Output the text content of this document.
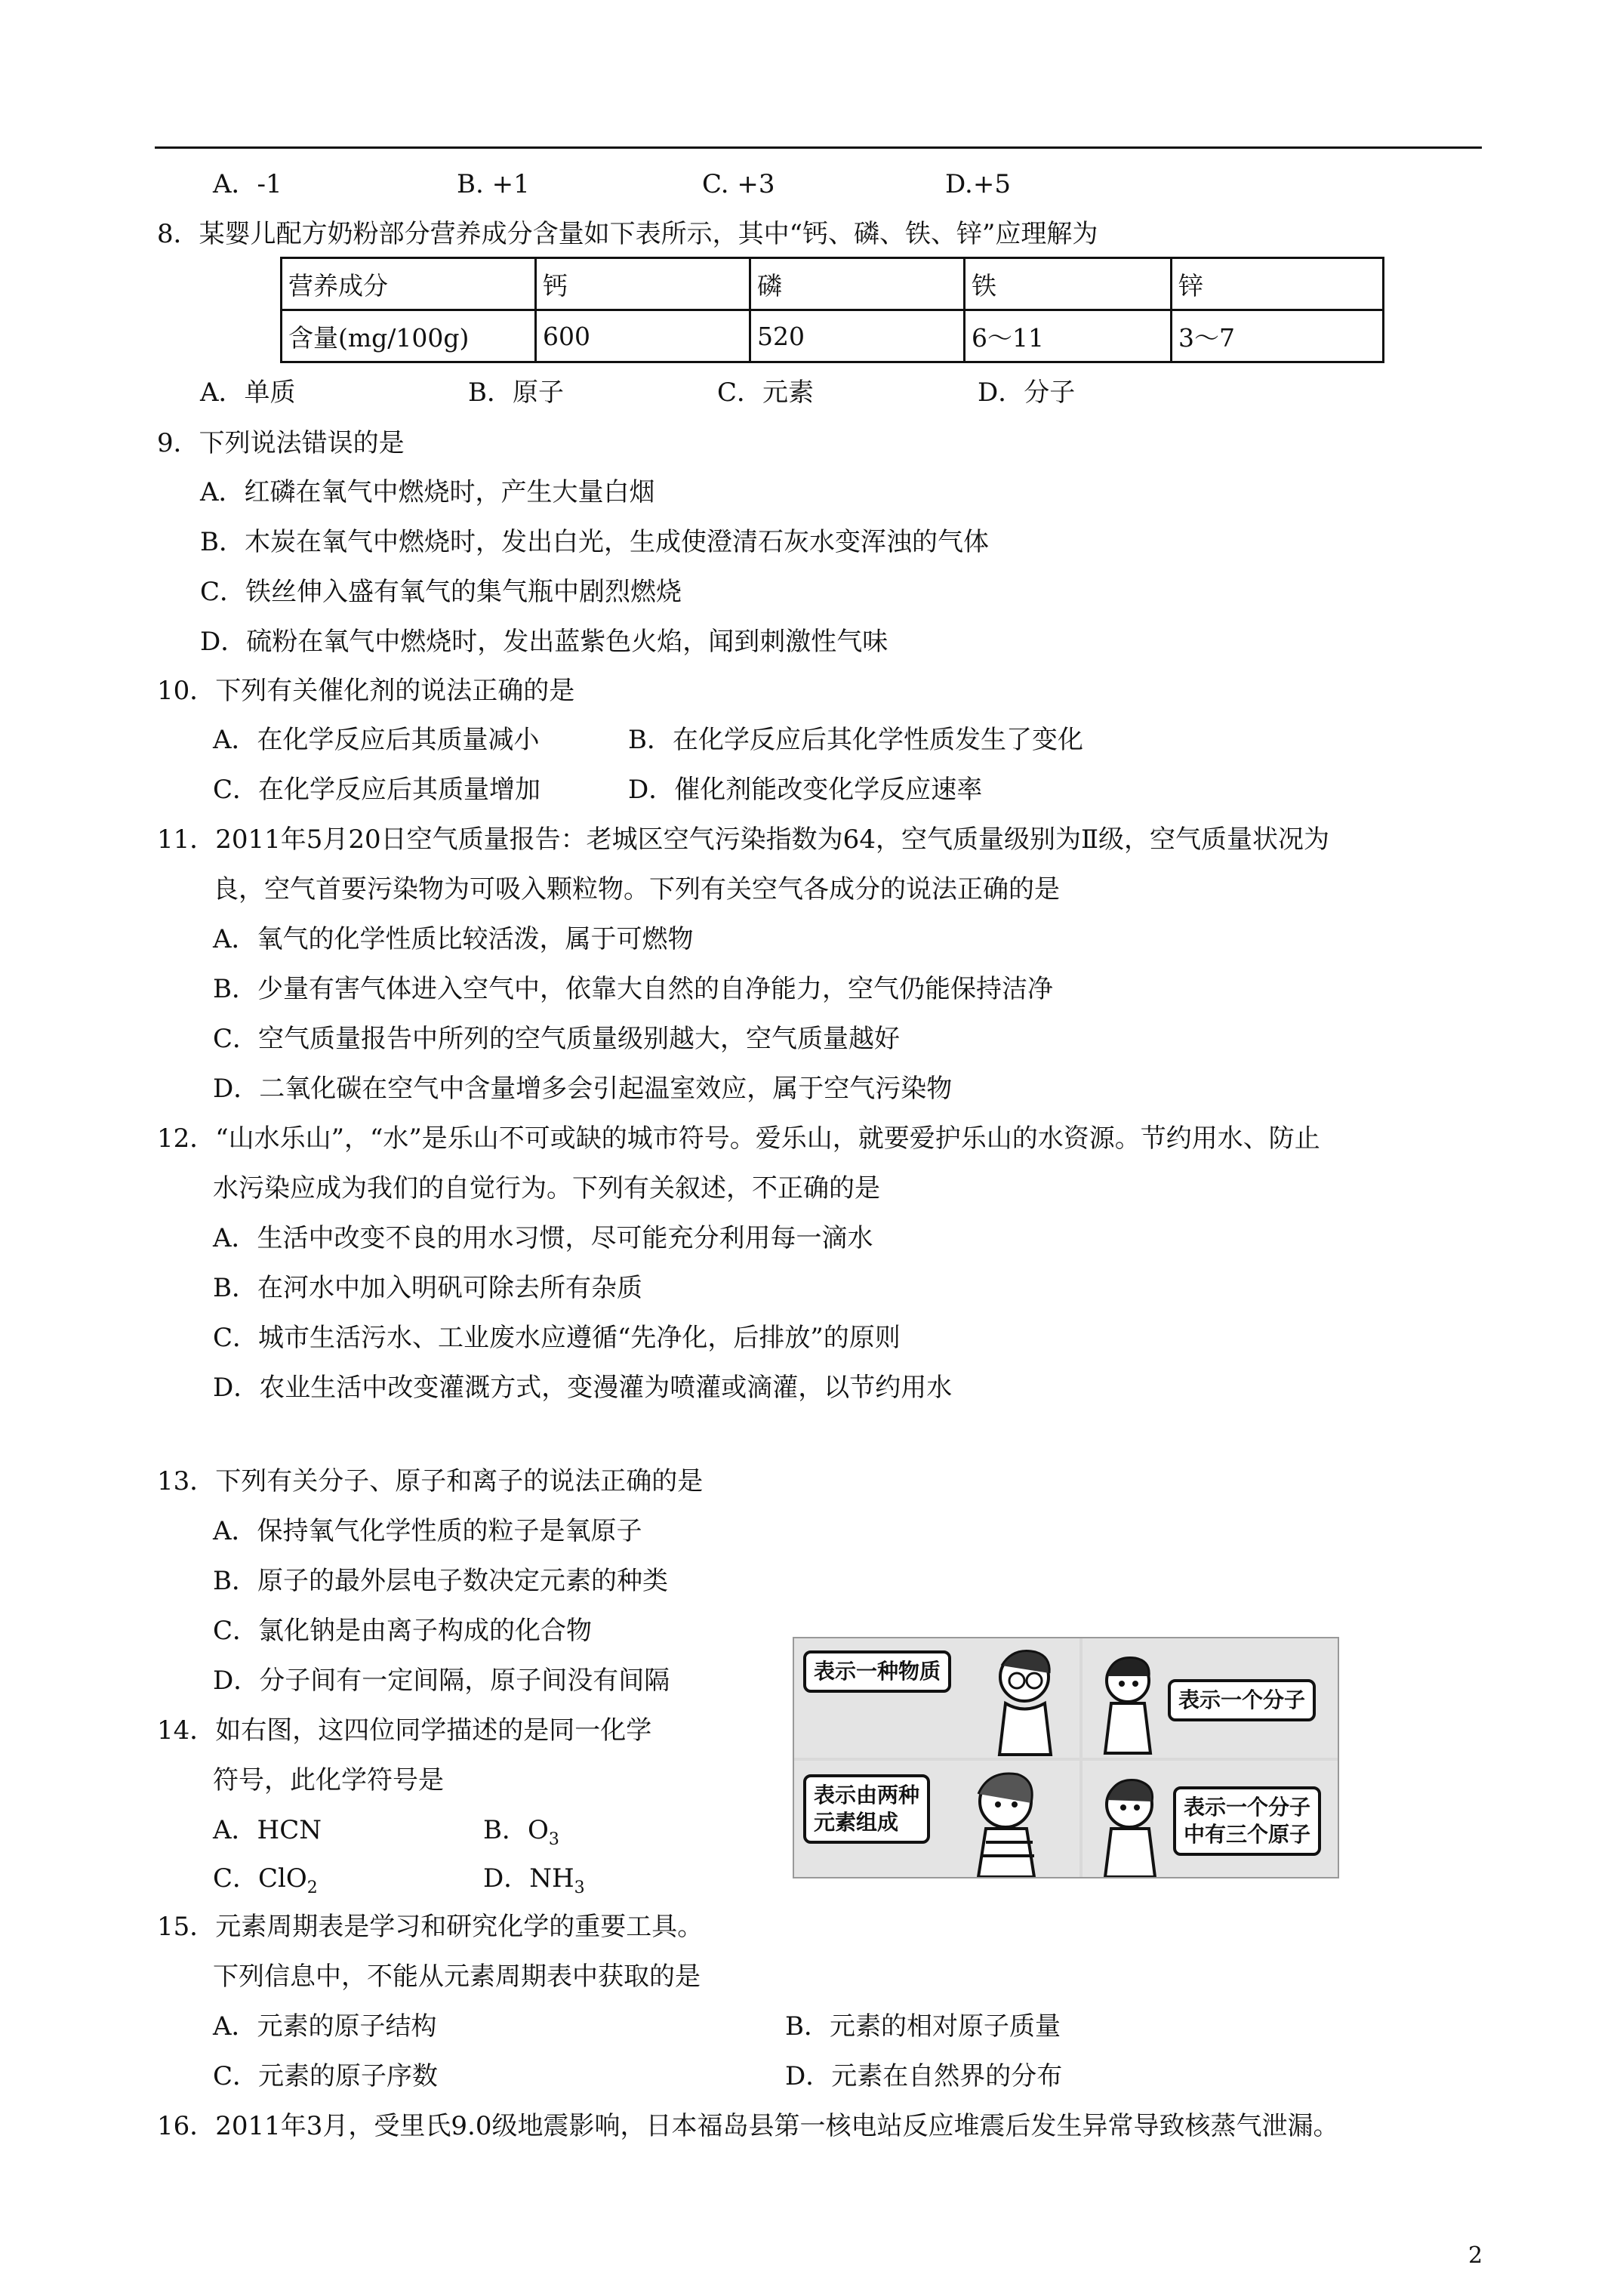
A．-1	B. +1	C. +3	D.+5
8．某婴儿配方奶粉部分营养成分含量如下表所示，其中“钙、磷、铁、锌”应理解为
营养成分	钙	磷	铁	锌
含量(mg/100g)	600	520	6～11	3～7
A．单质	B．原子	C．元素	D．分子
9．下列说法错误的是
A．红磷在氧气中燃烧时，产生大量白烟
B．木炭在氧气中燃烧时，发出白光，生成使澄清石灰水变浑浊的气体
C．铁丝伸入盛有氧气的集气瓶中剧烈燃烧
D．硫粉在氧气中燃烧时，发出蓝紫色火焰，闻到刺激性气味
10．下列有关催化剂的说法正确的是
A．在化学反应后其质量减小	B．在化学反应后其化学性质发生了变化
C．在化学反应后其质量增加	D．催化剂能改变化学反应速率
11．2011年5月20日空气质量报告：老城区空气污染指数为64，空气质量级别为Ⅱ级，空气质量状况为
良，空气首要污染物为可吸入颗粒物。下列有关空气各成分的说法正确的是
A．氧气的化学性质比较活泼，属于可燃物
B．少量有害气体进入空气中，依靠大自然的自净能力，空气仍能保持洁净
C．空气质量报告中所列的空气质量级别越大，空气质量越好
D．二氧化碳在空气中含量增多会引起温室效应，属于空气污染物
12．“山水乐山”，“水”是乐山不可或缺的城市符号。爱乐山，就要爱护乐山的水资源。节约用水、防止
水污染应成为我们的自觉行为。下列有关叙述，不正确的是
A．生活中改变不良的用水习惯，尽可能充分利用每一滴水
B．在河水中加入明矾可除去所有杂质
C．城市生活污水、工业废水应遵循“先净化，后排放”的原则
D．农业生活中改变灌溉方式，变漫灌为喷灌或滴灌，以节约用水
13．下列有关分子、原子和离子的说法正确的是
A．保持氧气化学性质的粒子是氧原子
B．原子的最外层电子数决定元素的种类
C．氯化钠是由离子构成的化合物
D．分子间有一定间隔，原子间没有间隔
14．如右图，这四位同学描述的是同一化学
符号，此化学符号是
A．HCN	B．$O_3$
C．ClO$_2$	D．$NH_3$
表示一种物质
表示一个分子
表示由两种
元素组成
表示一个分子
中有三个原子
15．元素周期表是学习和研究化学的重要工具。
下列信息中，不能从元素周期表中获取的是
A．元素的原子结构	B．元素的相对原子质量
C．元素的原子序数	D．元素在自然界的分布
16．2011年3月，受里氏9.0级地震影响，日本福岛县第一核电站反应堆震后发生异常导致核蒸气泄漏。
2
